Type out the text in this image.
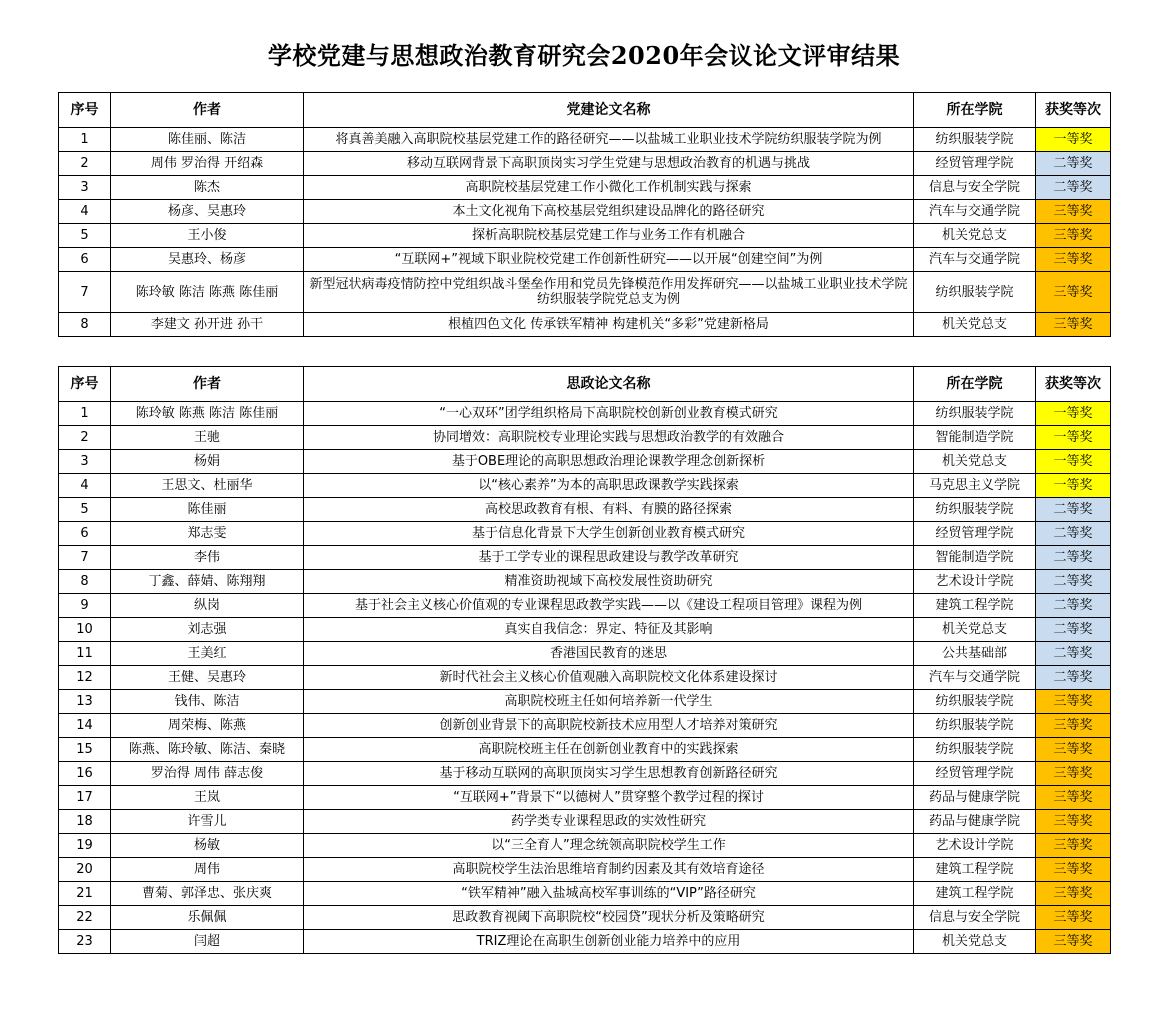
学校党建与思想政治教育研究会2020年会议论文评审结果
序号	作者	党建论文名称	所在学院	获奖等次
1	陈佳丽、陈洁	将真善美融入高职院校基层党建工作的路径研究——以盐城工业职业技术学院纺织服装学院为例	纺织服装学院	一等奖
2	周伟 罗治得 开绍森	移动互联网背景下高职顶岗实习学生党建与思想政治教育的机遇与挑战	经贸管理学院	二等奖
3	陈杰	高职院校基层党建工作小微化工作机制实践与探索	信息与安全学院	二等奖
4	杨彦、吴惠玲	本土文化视角下高校基层党组织建设品牌化的路径研究	汽车与交通学院	三等奖
5	王小俊	探析高职院校基层党建工作与业务工作有机融合	机关党总支	三等奖
6	吴惠玲、杨彦	“互联网+”视域下职业院校党建工作创新性研究——以开展“创建空间”为例	汽车与交通学院	三等奖
7	陈玲敏 陈洁 陈燕 陈佳丽	新型冠状病毒疫情防控中党组织战斗堡垒作用和党员先锋模范作用发挥研究——以盐城工业职业技术学院纺织服装学院党总支为例	纺织服装学院	三等奖
8	李建文 孙开进 孙干	根植四色文化 传承铁军精神 构建机关“多彩”党建新格局	机关党总支	三等奖
序号	作者	思政论文名称	所在学院	获奖等次
1	陈玲敏 陈燕 陈洁 陈佳丽	“一心双环”团学组织格局下高职院校创新创业教育模式研究	纺织服装学院	一等奖
2	王驰	协同增效：高职院校专业理论实践与思想政治教学的有效融合	智能制造学院	一等奖
3	杨娟	基于OBE理论的高职思想政治理论课教学理念创新探析	机关党总支	一等奖
4	王思文、杜丽华	以“核心素养”为本的高职思政课教学实践探索	马克思主义学院	一等奖
5	陈佳丽	高校思政教育有根、有料、有膜的路径探索	纺织服装学院	二等奖
6	郑志雯	基于信息化背景下大学生创新创业教育模式研究	经贸管理学院	二等奖
7	李伟	基于工学专业的课程思政建设与教学改革研究	智能制造学院	二等奖
8	丁鑫、薛婧、陈翔翔	精准资助视域下高校发展性资助研究	艺术设计学院	二等奖
9	纵岗	基于社会主义核心价值观的专业课程思政教学实践——以《建设工程项目管理》课程为例	建筑工程学院	二等奖
10	刘志强	真实自我信念：界定、特征及其影响	机关党总支	二等奖
11	王美红	香港国民教育的迷思	公共基础部	二等奖
12	王健、吴惠玲	新时代社会主义核心价值观融入高职院校文化体系建设探讨	汽车与交通学院	二等奖
13	钱伟、陈洁	高职院校班主任如何培养新一代学生	纺织服装学院	三等奖
14	周荣梅、陈燕	创新创业背景下的高职院校新技术应用型人才培养对策研究	纺织服装学院	三等奖
15	陈燕、陈玲敏、陈洁、秦晓	高职院校班主任在创新创业教育中的实践探索	纺织服装学院	三等奖
16	罗治得 周伟 薛志俊	基于移动互联网的高职顶岗实习学生思想教育创新路径研究	经贸管理学院	三等奖
17	王岚	“互联网+”背景下“以德树人”贯穿整个教学过程的探讨	药品与健康学院	三等奖
18	许雪儿	药学类专业课程思政的实效性研究	药品与健康学院	三等奖
19	杨敏	以“三全育人”理念统领高职院校学生工作	艺术设计学院	三等奖
20	周伟	高职院校学生法治思维培育制约因素及其有效培育途径	建筑工程学院	三等奖
21	曹菊、郭泽忠、张庆爽	“铁军精神”融入盐城高校军事训练的“VIP”路径研究	建筑工程学院	三等奖
22	乐佩佩	思政教育视阈下高职院校“校园贷”现状分析及策略研究	信息与安全学院	三等奖
23	闫超	TRIZ理论在高职生创新创业能力培养中的应用	机关党总支	三等奖
